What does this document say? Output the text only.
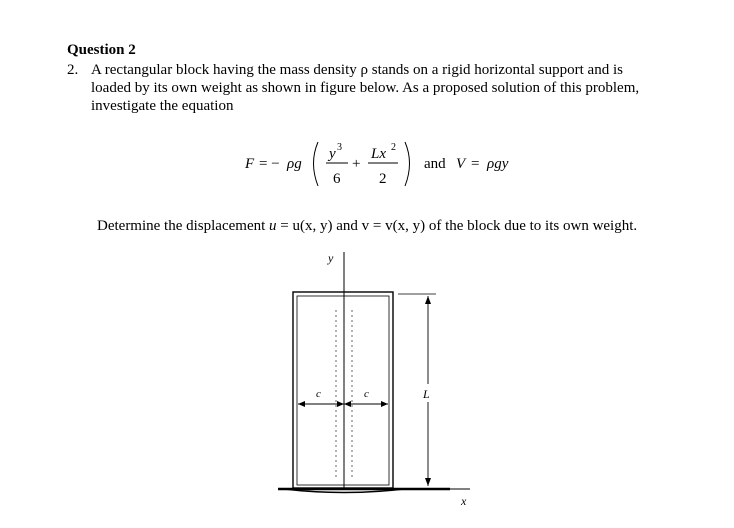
Question 2
2. A rectangular block having the mass density ρ stands on a rigid horizontal support and is
loaded by its own weight as shown in figure below. As a proposed solution of this problem,
investigate the equation
F = − ρg
y 3
6
+
Lx 2
2
and V = ρgy
y
c	c	L
x
Determine the displacement u = u(x, y) and v = v(x, y) of the block due to its own weight.
